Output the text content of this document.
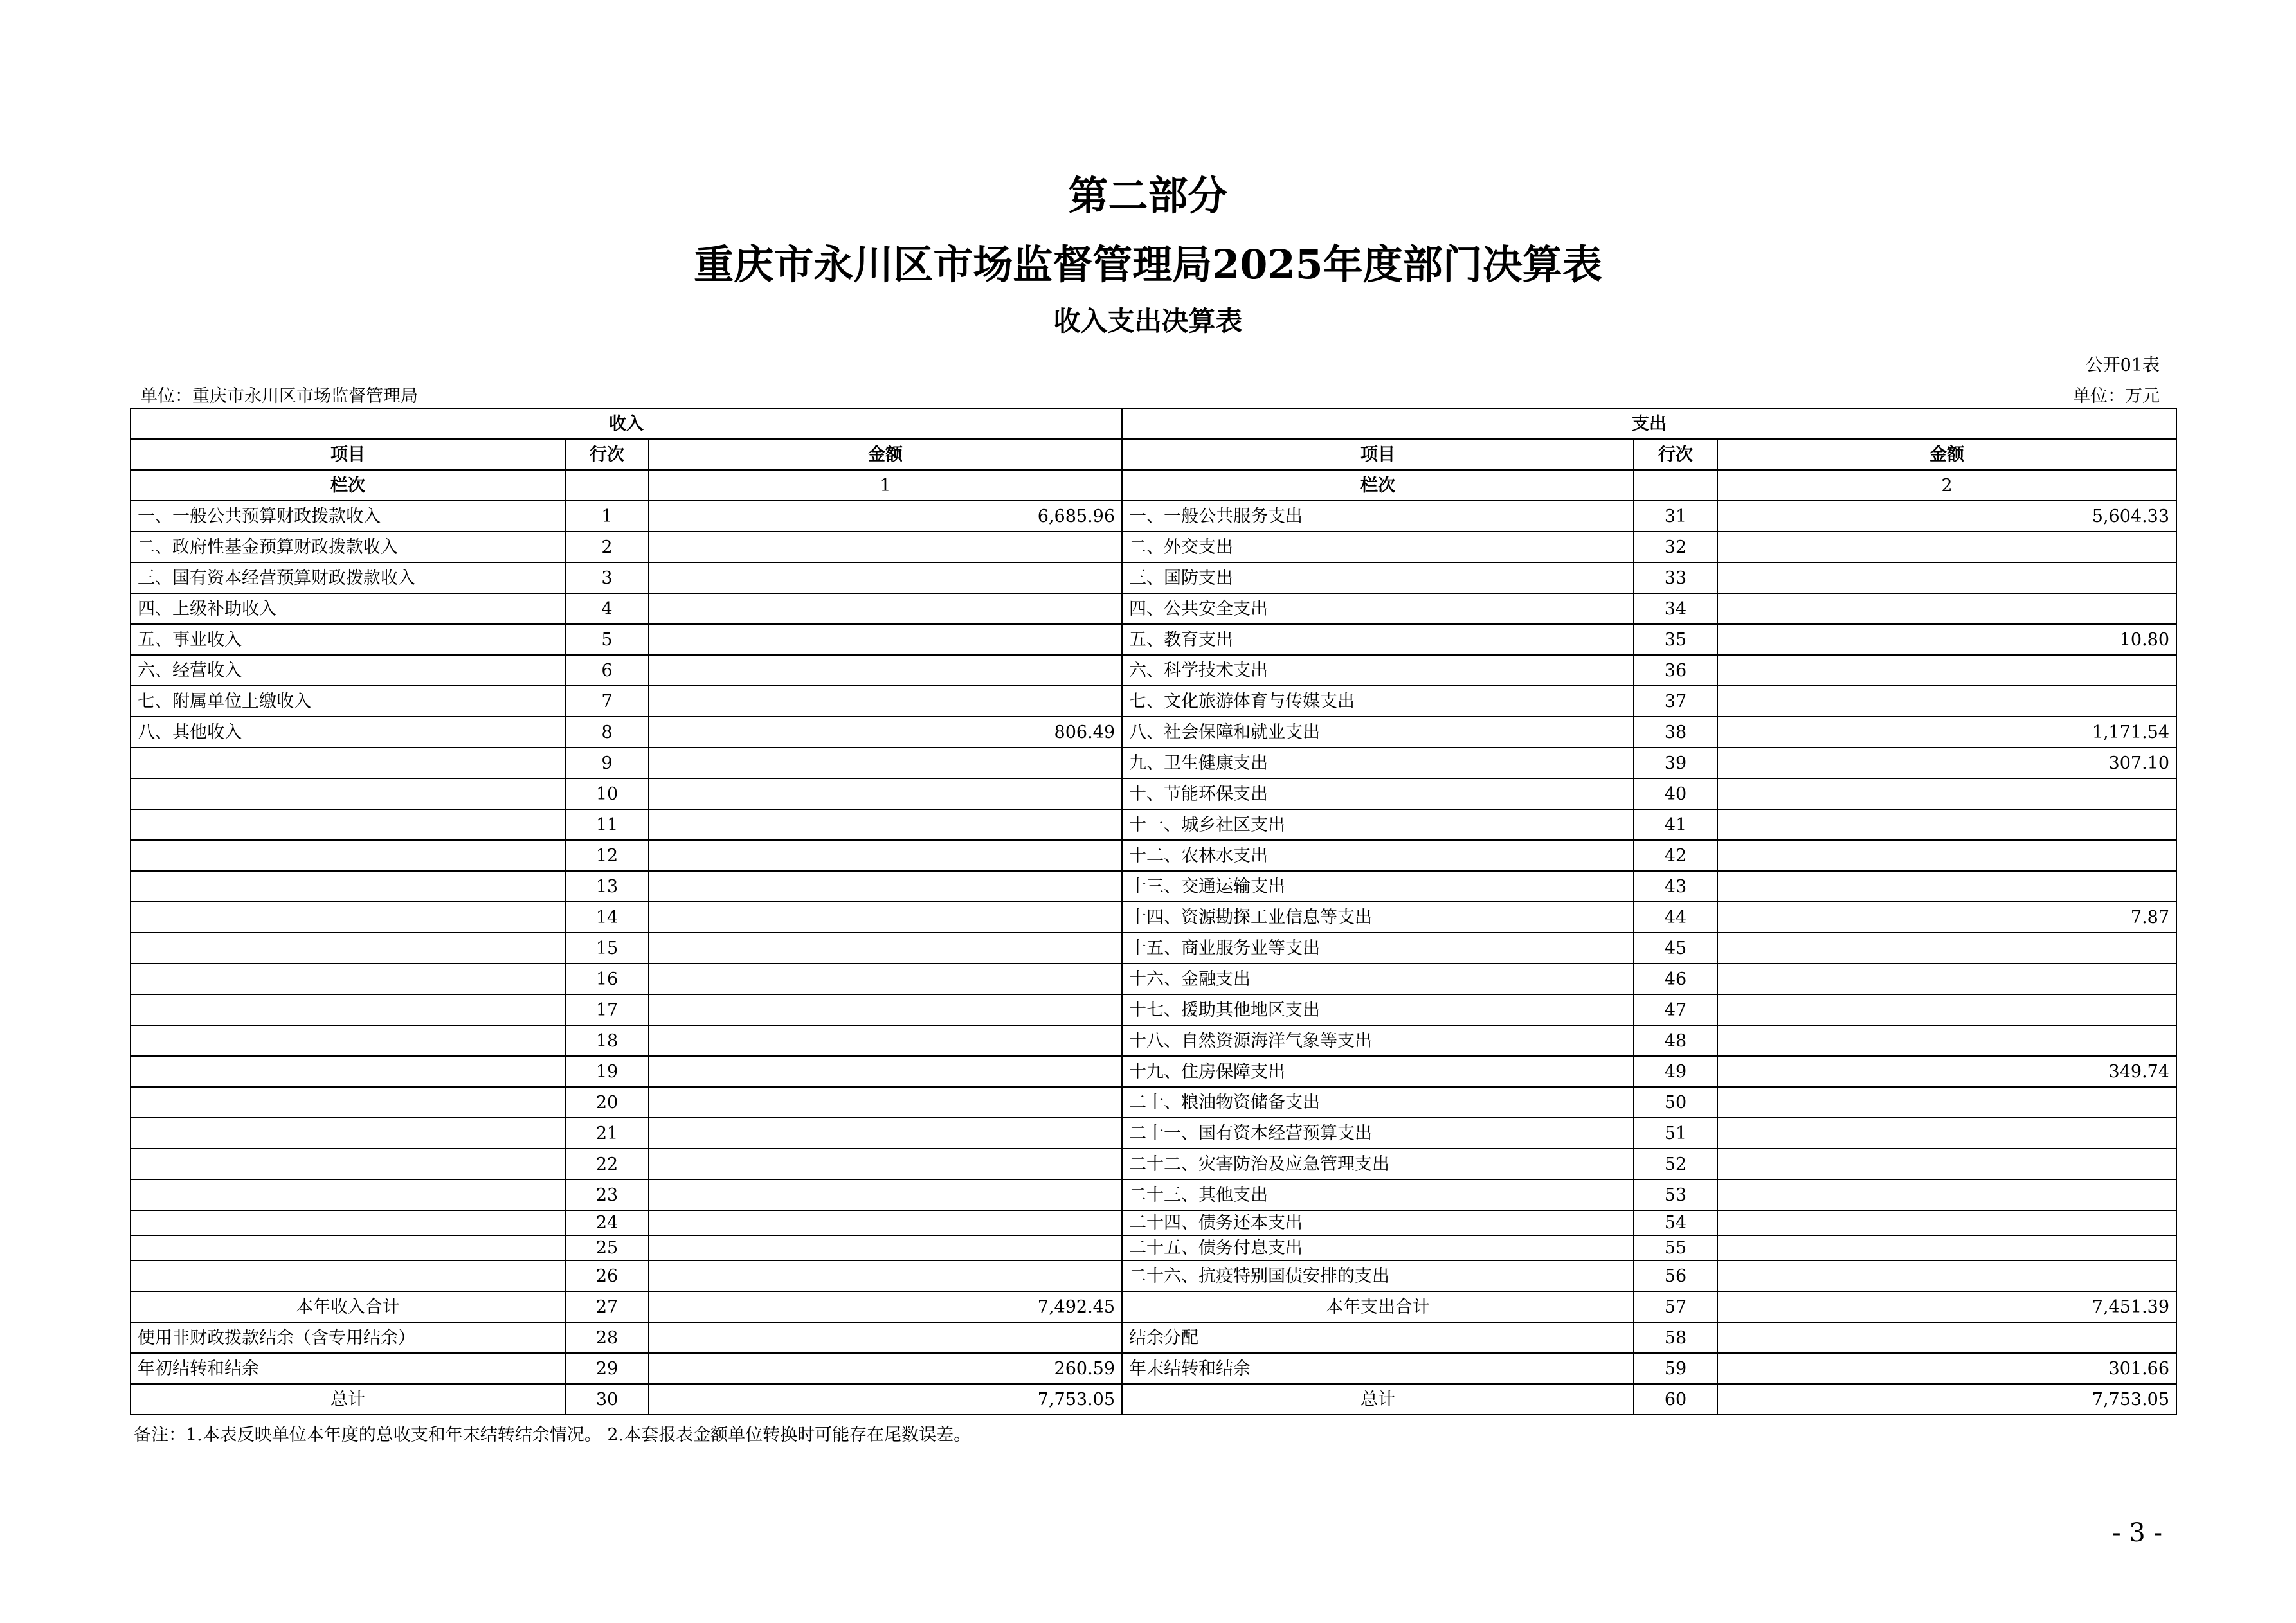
第二部分
重庆市永川区市场监督管理局2025年度部门决算表
收入支出决算表
公开01表
单位：重庆市永川区市场监督管理局	单位：万元
收入			支出		
项目	行次	金额	项目	行次	金额
栏次		1	栏次		2
一、一般公共预算财政拨款收入	1	6,685.96	一、一般公共服务支出	31	5,604.33
二、政府性基金预算财政拨款收入	2		二、外交支出	32	
三、国有资本经营预算财政拨款收入	3		三、国防支出	33	
四、上级补助收入	4		四、公共安全支出	34	
五、事业收入	5		五、教育支出	35	10.80
六、经营收入	6		六、科学技术支出	36	
七、附属单位上缴收入	7		七、文化旅游体育与传媒支出	37	
八、其他收入	8	806.49	八、社会保障和就业支出	38	1,171.54
	9		九、卫生健康支出	39	307.10
	10		十、节能环保支出	40	
	11		十一、城乡社区支出	41	
	12		十二、农林水支出	42	
	13		十三、交通运输支出	43	
	14		十四、资源勘探工业信息等支出	44	7.87
	15		十五、商业服务业等支出	45	
	16		十六、金融支出	46	
	17		十七、援助其他地区支出	47	
	18		十八、自然资源海洋气象等支出	48	
	19		十九、住房保障支出	49	349.74
	20		二十、粮油物资储备支出	50	
	21		二十一、国有资本经营预算支出	51	
	22		二十二、灾害防治及应急管理支出	52	
	23		二十三、其他支出	53	
	24		二十四、债务还本支出	54	
	25		二十五、债务付息支出	55	
	26		二十六、抗疫特别国债安排的支出	56	
本年收入合计	27	7,492.45	本年支出合计	57	7,451.39
使用非财政拨款结余（含专用结余）	28		结余分配	58	
年初结转和结余	29	260.59	年末结转和结余	59	301.66
总计	30	7,753.05	总计	60	7,753.05
备注：1.本表反映单位本年度的总收支和年末结转结余情况。 2.本套报表金额单位转换时可能存在尾数误差。
- 3 -
